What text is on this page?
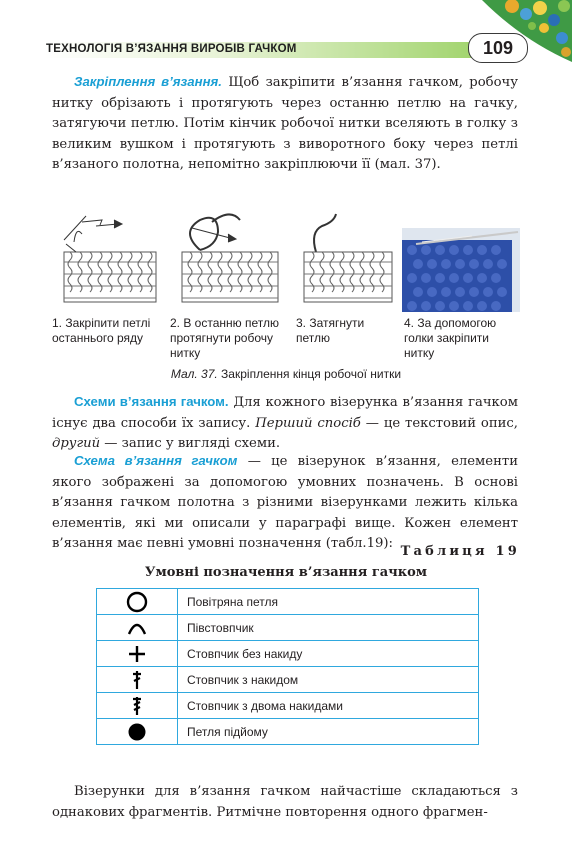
ТЕХНОЛОГІЯ В’ЯЗАННЯ ВИРОБІВ ГАЧКОМ	109
Закріплення в’язання. Щоб закріпити в’язання гачком, робочу нитку обрізають і протягують через останню петлю на гачку, затягуючи петлю. Потім кінчик робочої нитки вселяють в голку з великим вушком і протягують з виворотного боку через петлі в’язаного полотна, непомітно закріплюючи її (мал. 37).
1. Закріпити петлі останнього ряду
2. В останню петлю протягнути робочу нитку
3. Затягнути петлю
4. За допомогою голки закріпити нитку
Мал. 37. Закріплення кінця робочої нитки
Схеми в’язання гачком. Для кожного візерунка в’язання гачком існує два способи їх запису. Перший спосіб — це текстовий опис, другий — запис у вигляді схеми.
Схема в’язання гачком — це візерунок в’язання, елементи якого зображені за допомогою умовних позначень. В основі в’язання гачком полотна з різними візерунками лежить кілька елементів, які ми описали у параграфі вище. Кожен елемент в’язання має певні умовні позначення (табл.19):
Таблиця 19
Умовні позначення в’язання гачком
	Повітряна петля

	Півстовпчик

	Стовпчик без накиду

	Стовпчик з накидом

	Стовпчик з двома накидами

	Петля підйому
Візерунки для в’язання гачком найчастіше складаються з однакових фрагментів. Ритмічне повторення одного фрагмен-
